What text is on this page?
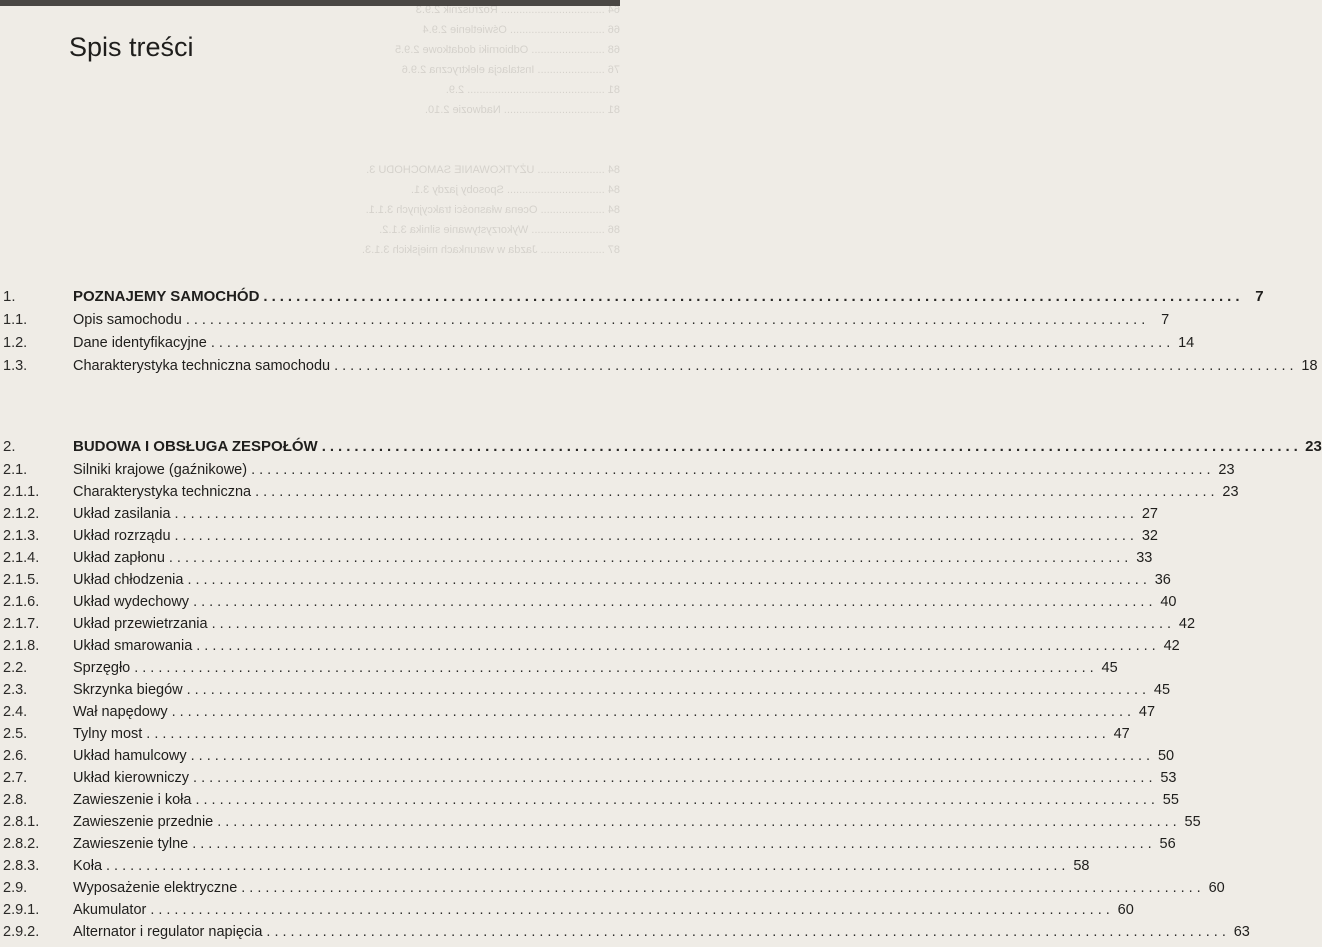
64 .................................. Rozrusznik 2.9.3
66 ............................... Oświetlenie 2.9.4
68 ........................ Odbiorniki dodatkowe 2.9.5
76 ...................... Instalacja elektryczna 2.9.6
81 ............................................. 2.9.
81 ................................. Nadwozie 2.10.

84 ...................... UŻYTKOWANIE SAMOCHODU 3.
84 ................................ Sposoby jazdy 3.1.
84 ..................... Ocena własności trakcyjnych 3.1.1.
86 ........................ Wykorzystywanie silnika 3.1.2.
87 ..................... Jazda w warunkach miejskich 3.1.3.
Spis treści
1.	POZNAJEMY SAMOCHÓD ........................................................................................................................ 7
1.1.	Opis samochodu ........................................................................................................................ 7
1.2.	Dane identyfikacyjne ........................................................................................................................ 14
1.3.	Charakterystyka techniczna samochodu ........................................................................................................................ 18
2.	BUDOWA I OBSŁUGA ZESPOŁÓW ........................................................................................................................ 23
2.1.	Silniki krajowe (gaźnikowe) ........................................................................................................................ 23
2.1.1. Charakterystyka techniczna ........................................................................................................................ 23
2.1.2. Układ zasilania ........................................................................................................................ 27
2.1.3. Układ rozrządu ........................................................................................................................ 32
2.1.4. Układ zapłonu ........................................................................................................................ 33
2.1.5. Układ chłodzenia ........................................................................................................................ 36
2.1.6. Układ wydechowy ........................................................................................................................ 40
2.1.7. Układ przewietrzania ........................................................................................................................ 42
2.1.8. Układ smarowania ........................................................................................................................ 42
2.2.	Sprzęgło ........................................................................................................................ 45
2.3.	Skrzynka biegów ........................................................................................................................ 45
2.4.	Wał napędowy ........................................................................................................................ 47
2.5.	Tylny most ........................................................................................................................ 47
2.6.	Układ hamulcowy ........................................................................................................................ 50
2.7.	Układ kierowniczy ........................................................................................................................ 53
2.8.	Zawieszenie i koła ........................................................................................................................ 55
2.8.1. Zawieszenie przednie ........................................................................................................................ 55
2.8.2. Zawieszenie tylne ........................................................................................................................ 56
2.8.3. Koła ........................................................................................................................ 58
2.9.	Wyposażenie elektryczne ........................................................................................................................ 60
2.9.1. Akumulator ........................................................................................................................ 60
2.9.2. Alternator i regulator napięcia ........................................................................................................................ 63
